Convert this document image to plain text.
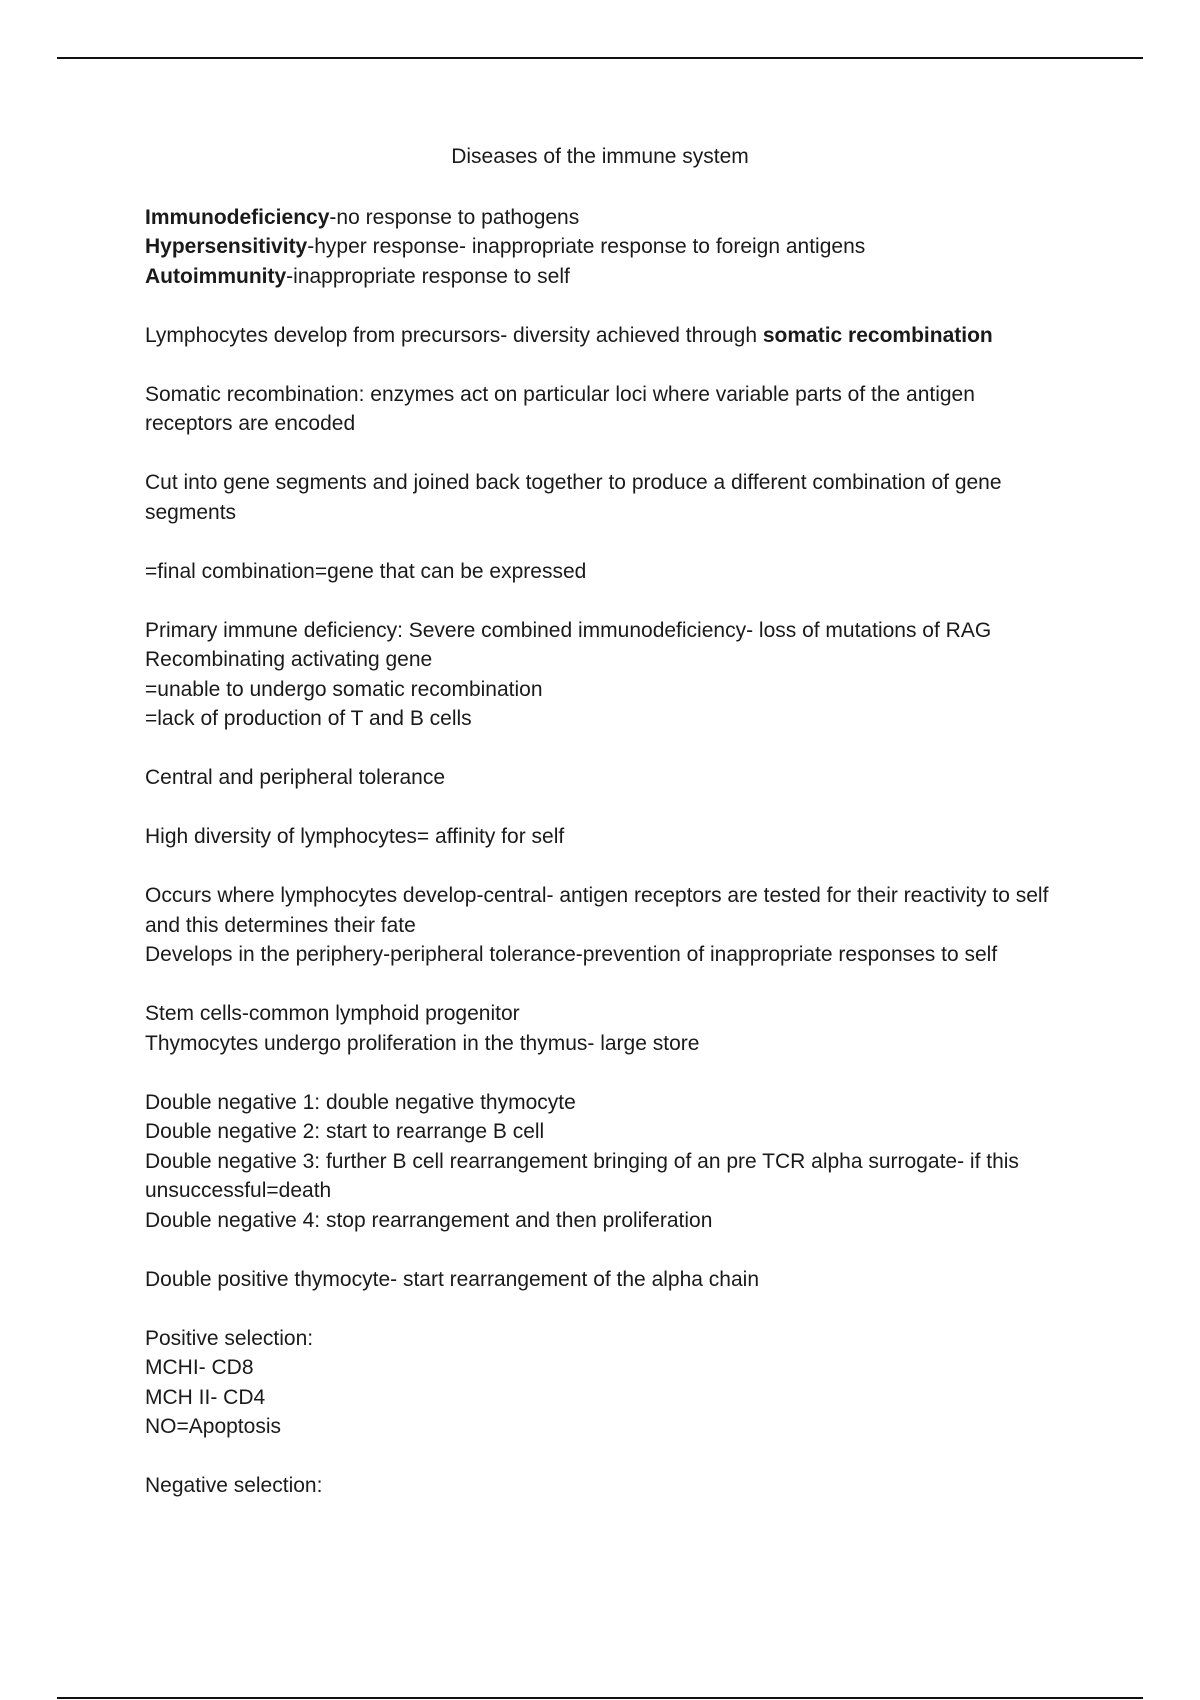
Diseases of the immune system
Immunodeficiency-no response to pathogens
Hypersensitivity-hyper response- inappropriate response to foreign antigens
Autoimmunity-inappropriate response to self
Lymphocytes develop from precursors- diversity achieved through somatic recombination
Somatic recombination: enzymes act on particular loci where variable parts of the antigen receptors are encoded
Cut into gene segments and joined back together to produce a different combination of gene segments
=final combination=gene that can be expressed
Primary immune deficiency: Severe combined immunodeficiency- loss of mutations of RAG Recombinating activating gene
=unable to undergo somatic recombination
=lack of production of T and B cells
Central and peripheral tolerance
High diversity of lymphocytes= affinity for self
Occurs where lymphocytes develop-central- antigen receptors are tested for their reactivity to self and this determines their fate
Develops in the periphery-peripheral tolerance-prevention of inappropriate responses to self
Stem cells-common lymphoid progenitor
Thymocytes undergo proliferation in the thymus- large store
Double negative 1: double negative thymocyte
Double negative 2: start to rearrange B cell
Double negative 3: further B cell rearrangement bringing of an pre TCR alpha surrogate- if this unsuccessful=death
Double negative 4: stop rearrangement and then proliferation
Double positive thymocyte- start rearrangement of the alpha chain
Positive selection:
MCHI- CD8
MCH II- CD4
NO=Apoptosis
Negative selection:
